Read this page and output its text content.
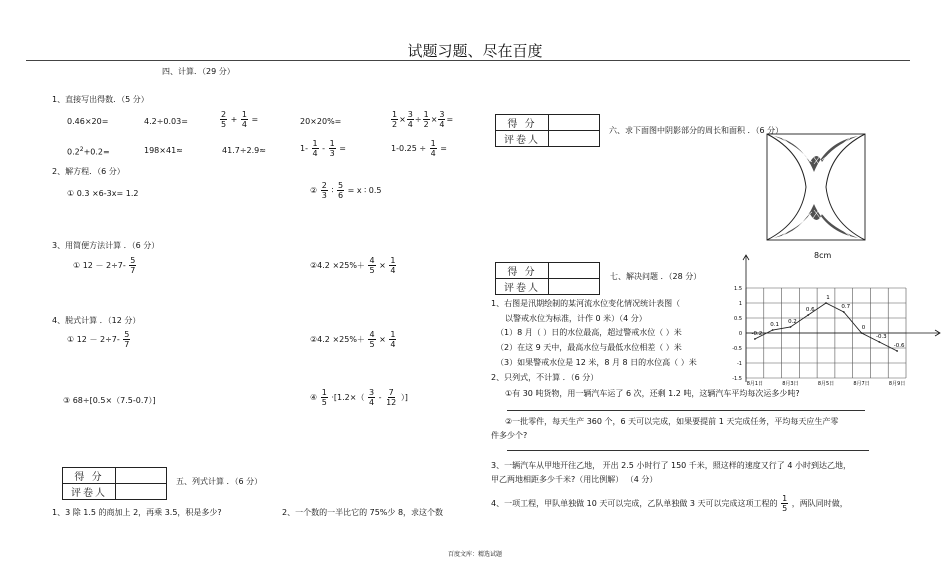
试题习题、尽在百度
四、计算．（29 分）
1、直接写出得数．（5 分）
0.46×20=	4.2÷0.03=	$\frac{2}{5} + \frac{1}{4}$ =	20×20%=	$\frac{1}{2} \times \frac{3}{4} \div \frac{1}{2} \times \frac{3}{4}$ =
$0.2^2+0.2=$	198×41≈	41.7÷2.9≈	$1- \frac{1}{4} - \frac{1}{3}$ =	$1-0.25 \div \frac{1}{4}$ =
2、解方程．（6 分）
① 0.3 ×6-3x= 1.2	② $\frac{2}{3}$ ∶ $\frac{5}{6} = x$ ∶ 0.5
3、用简便方法计算 ．（6 分）
① $12 - 2\div 7- \frac{5}{7}$	②4.2 $\times 25\%+ \frac{4}{5} \times \frac{1}{4}$
4、脱式计算 ．（12 分）
① $12 - 2\div 7- \frac{5}{7}$	②4.2 $\times 25\%+ \frac{4}{5} \times \frac{1}{4}$
③ 68÷[0.5×（7.5-0.7）]	④ $\frac{1}{5} \cdot[1.2\times( \frac{3}{4} - \frac{7}{12}$ ）]
得 分	
评卷人	
五、列式计算 ．（6 分）
1、3 除 1.5 的商加上 2，再乘 3.5，积是多少?	2、一个数的一半比它的 75%少 8，求这个数
得 分	
评卷人	
六、求下面图中阴影部分的周长和面积 ．（6 分）
8cm
得 分	
评卷人	
七、解决问题 ．（28 分）
1、右图是汛期绘制的某河流水位变化情况统计表图（
以警戒水位为标准，计作 0 米）（4 分）
（1）8 月（ ）日的水位最高，超过警戒水位（ ）米
（2）在这 9 天中，最高水位与最低水位相差（ ）米
（3）如果警戒水位是 12 米，8 月 8 日的水位高（ ）米
2、只列式，不计算 ．（6 分）
①有 30 吨货物，用一辆汽车运了 6 次，还剩 1.2 吨，这辆汽车平均每次运多少吨?
②一批零件，每天生产 360 个，6 天可以完成，如果要提前 1 天完成任务，平均每天应生产零
件多少个?
3、一辆汽车从甲地开往乙地， 开出 2.5 小时行了 150 千米，照这样的速度又行了 4 小时到达乙地，
甲乙两地相距多少千米?（用比例解） （4 分）
4、一项工程，甲队单独做 10 天可以完成，乙队单独做 3 天可以完成这项工程的 $\frac{1}{5}$ ，两队同时做，
1.5
1
0.5
0
-0.5
-1
-1.5
-0.2
0.1 0.2
0.6
1
0.7
0
-0.3
-0.6
8月1日	8月3日	8月5日	8月7日	8月9日
百度文库：精选试题
